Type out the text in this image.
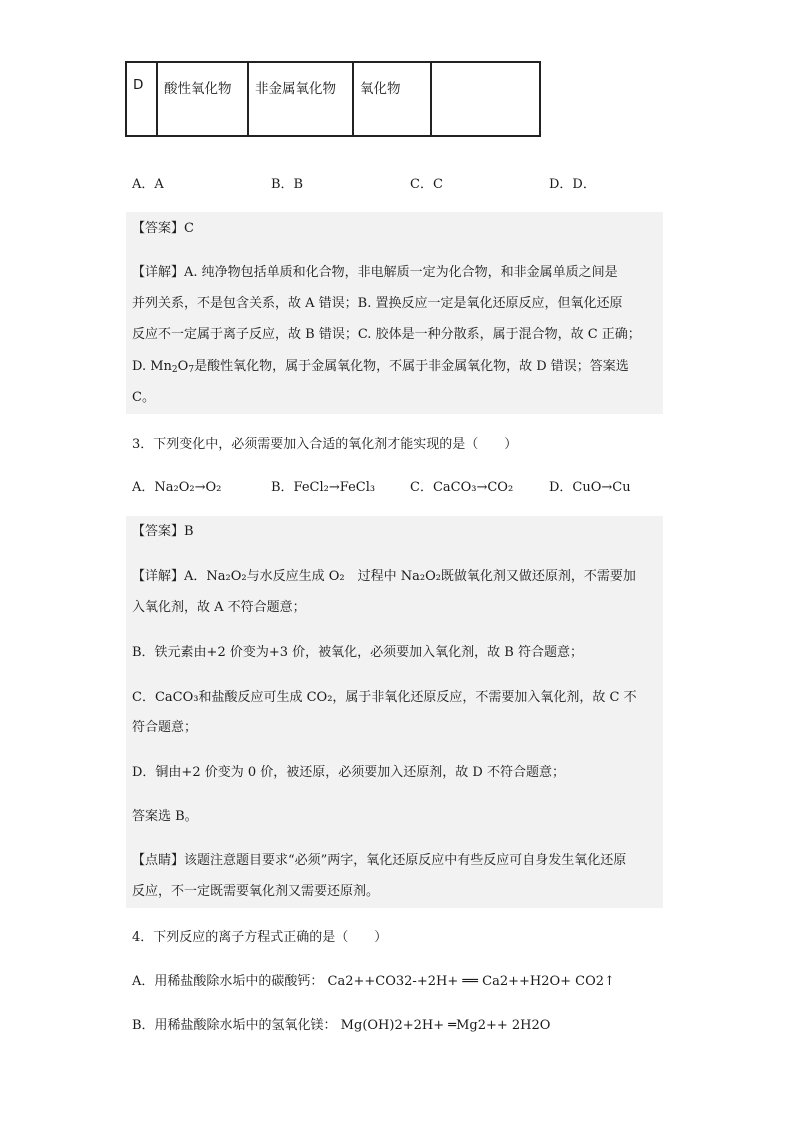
D	酸性氧化物	非金属氧化物	氧化物	
A．A	B．B	C．C	D．D．
【答案】C
【详解】A. 纯净物包括单质和化合物，非电解质一定为化合物，和非金属单质之间是
并列关系，不是包含关系，故 A 错误；B. 置换反应一定是氧化还原反应，但氧化还原
反应不一定属于离子反应，故 B 错误；C. 胶体是一种分散系，属于混合物，故 C 正确；
D. $Mn_2O_7$是酸性氧化物，属于金属氧化物，不属于非金属氧化物，故 D 错误；答案选
C。
3．下列变化中，必须需要加入合适的氧化剂才能实现的是（　　）
A．Na₂O₂→O₂	B．FeCl₂→FeCl₃	C．CaCO₃→CO₂	D．CuO→Cu
【答案】B
【详解】A．Na₂O₂与水反应生成 O₂　过程中 Na₂O₂既做氧化剂又做还原剂，不需要加
入氧化剂，故 A 不符合题意；
B．铁元素由+2 价变为+3 价，被氧化，必须要加入氧化剂，故 B 符合题意；
C．CaCO₃和盐酸反应可生成 CO₂，属于非氧化还原反应，不需要加入氧化剂，故 C 不
符合题意；
D．铜由+2 价变为 0 价，被还原，必须要加入还原剂，故 D 不符合题意；
答案选 B。
【点睛】该题注意题目要求“必须”两字，氧化还原反应中有些反应可自身发生氧化还原
反应，不一定既需要氧化剂又需要还原剂。
4．下列反应的离子方程式正确的是（　　）
A．用稀盐酸除水垢中的碳酸钙： Ca2++CO32-+2H+ ══ Ca2++H2O+ CO2↑
B．用稀盐酸除水垢中的氢氧化镁： Mg(OH)2+2H+ ═Mg2++ 2H2O
